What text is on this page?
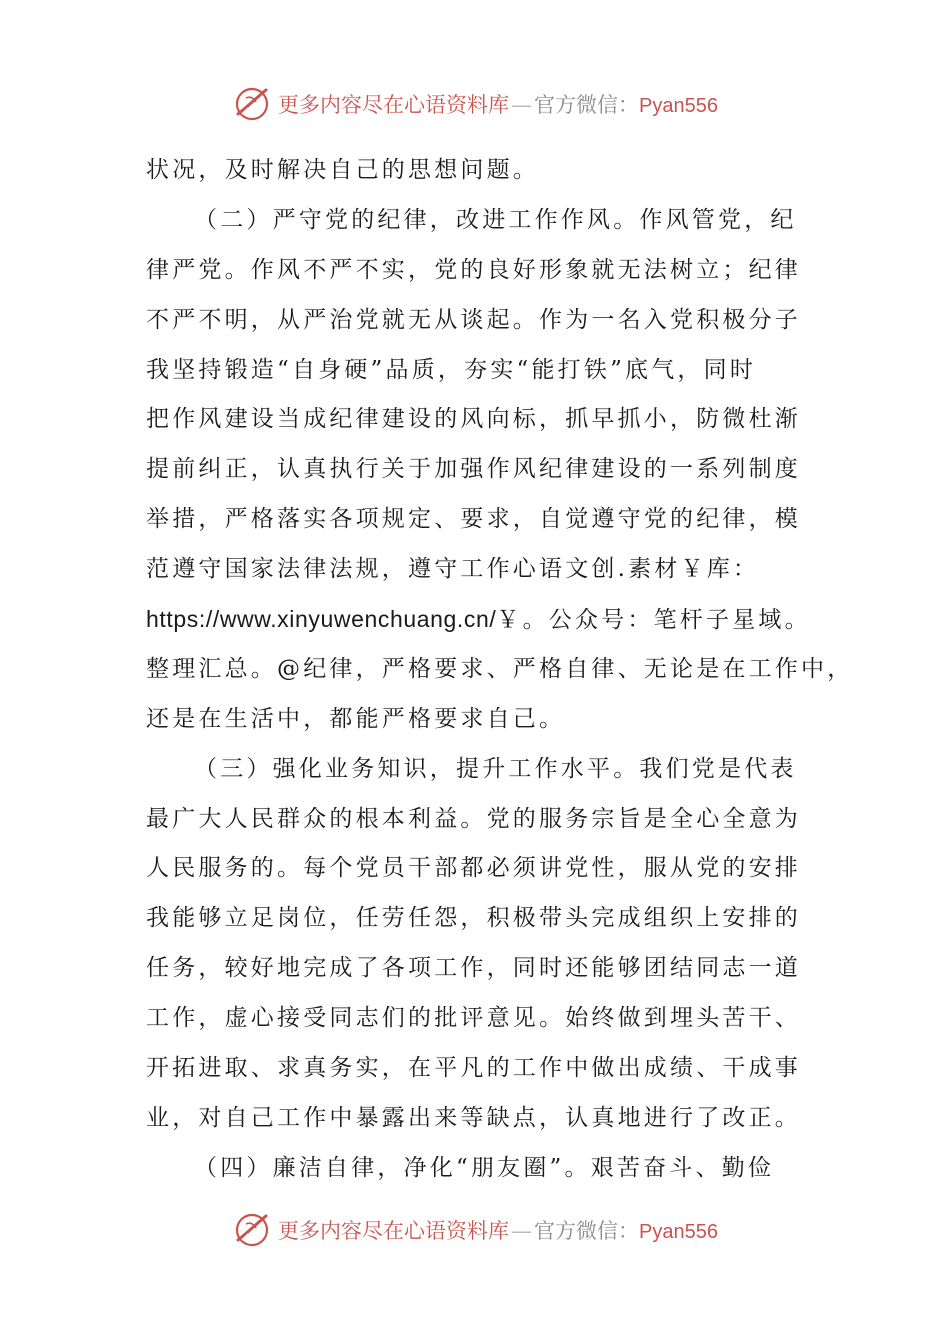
更多内容尽在心语资料库 — 官方微信： Pyan556
状况，及时解决自己的思想问题。
（二）严守党的纪律，改进工作作风。作风管党，纪
律严党。作风不严不实，党的良好形象就无法树立；纪律
不严不明，从严治党就无从谈起。作为一名入党积极分子
我坚持锻造“自身硬”品质，夯实“能打铁”底气，同时
把作风建设当成纪律建设的风向标，抓早抓小，防微杜渐
提前纠正，认真执行关于加强作风纪律建设的一系列制度
举措，严格落实各项规定、要求，自觉遵守党的纪律，模
范遵守国家法律法规，遵守工作心语文创.素材￥库：
https://www.xinyuwenchuang.cn/￥。公众号：笔杆子星域。
整理汇总。@纪律，严格要求、严格自律、无论是在工作中，
还是在生活中，都能严格要求自己。
（三）强化业务知识，提升工作水平。我们党是代表
最广大人民群众的根本利益。党的服务宗旨是全心全意为
人民服务的。每个党员干部都必须讲党性，服从党的安排
我能够立足岗位，任劳任怨，积极带头完成组织上安排的
任务，较好地完成了各项工作，同时还能够团结同志一道
工作，虚心接受同志们的批评意见。始终做到埋头苦干、
开拓进取、求真务实，在平凡的工作中做出成绩、干成事
业，对自己工作中暴露出来等缺点，认真地进行了改正。
（四）廉洁自律，净化“朋友圈”。艰苦奋斗、勤俭
更多内容尽在心语资料库 — 官方微信： Pyan556
